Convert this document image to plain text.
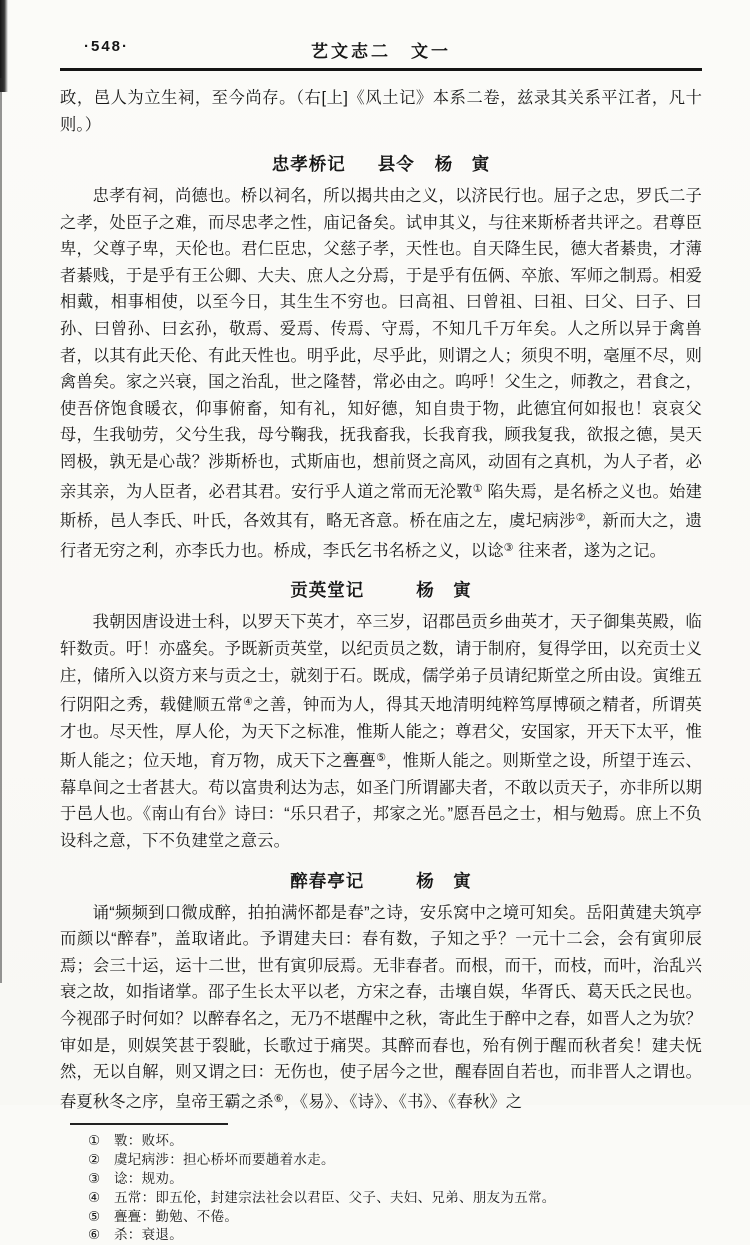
·548·	艺文志二　文一

政，邑人为立生祠，至今尚存。（右[上]《风土记》本系二卷，兹录其关系平江者，凡十则。）

忠孝桥记 县令 杨　寅

忠孝有祠，尚德也。桥以祠名，所以揭共由之义，以济民行也。屈子之忠，罗氏二子之孝，处臣子之难，而尽忠孝之性，庙记备矣。试申其义，与往来斯桥者共评之。君尊臣卑，父尊子卑，天伦也。君仁臣忠，父慈子孝，天性也。自天降生民，德大者綦贵，才薄者綦贱，于是乎有王公卿、大夫、庶人之分焉，于是乎有伍俩、卒旅、军师之制焉。相爱相戴，相事相使，以至今日，其生生不穷也。曰高祖、曰曾祖、曰祖、曰父、曰子、曰孙、曰曾孙、曰玄孙，敬焉、爱焉、传焉、守焉，不知几千万年矣。人之所以异于禽兽者，以其有此天伦、有此天性也。明乎此，尽乎此，则谓之人；须臾不明，毫厘不尽，则禽兽矣。家之兴衰，国之治乱，世之隆替，常必由之。呜呼！父生之，师教之，君食之，使吾侪饱食暖衣，仰事俯畜，知有礼，知好德，知自贵于物，此德宜何如报也！哀哀父母，生我劬劳，父兮生我，母兮鞠我，抚我畜我，长我育我，顾我复我，欲报之德，昊天罔极，孰无是心哉？涉斯桥也，式斯庙也，想前贤之高风，动固有之真机，为人子者，必亲其亲，为人臣者，必君其君。安行乎人道之常而无沦斁① 陷失焉，是名桥之义也。始建斯桥，邑人李氏、叶氏，各效其有，略无吝意。桥在庙之左，虞圮病涉②，新而大之，遗行者无穷之利，亦李氏力也。桥成，李氏乞书名桥之义，以谂③ 往来者，遂为之记。

贡英堂记	杨　寅

我朝因唐设进士科，以罗天下英才，卒三岁，诏郡邑贡乡曲英才，天子御集英殿，临轩数贡。吁！亦盛矣。予既新贡英堂，以纪贡员之数，请于制府，复得学田，以充贡士义庄，储所入以资方来与贡之士，就刻于石。既成，儒学弟子员请纪斯堂之所由设。寅维五行阴阳之秀，载健顺五常④之善，钟而为人，得其天地清明纯粹笃厚博硕之精者，所谓英才也。尽天性，厚人伦，为天下之标准，惟斯人能之；尊君父，安国家，开天下太平，惟斯人能之；位天地，育万物，成天下之亹亹⑤，惟斯人能之。则斯堂之设，所望于连云、幕阜间之士者甚大。苟以富贵利达为志，如圣门所谓鄙夫者，不敢以贡天子，亦非所以期于邑人也。《南山有台》诗曰：“乐只君子，邦家之光。”愿吾邑之士，相与勉焉。庶上不负设科之意，下不负建堂之意云。

醉春亭记	杨　寅

诵“频频到口微成醉，拍拍满怀都是春”之诗，安乐窝中之境可知矣。岳阳黄建夫筑亭而颜以“醉春”，盖取诸此。予谓建夫曰：春有数，子知之乎？一元十二会，会有寅卯辰焉；会三十运，运十二世，世有寅卯辰焉。无非春者。而根，而干，而枝，而叶，治乱兴衰之故，如指诸掌。邵子生长太平以老，方宋之春，击壤自娱，华胥氏、葛天氏之民也。今视邵子时何如？以醉春名之，无乃不堪醒中之秋，寄此生于醉中之春，如晋人之为欤？审如是，则娱笑甚于裂眦，长歌过于痛哭。其醉而春也，殆有例于醒而秋者矣！建夫怃然，无以自解，则又谓之曰：无伤也，使子居今之世，醒春固自若也，而非晋人之谓也。春夏秋冬之序，皇帝王霸之杀⑥，《易》、《诗》、《书》、《春秋》之

①	斁：败坏。
②	虞圮病涉：担心桥坏而要趟着水走。
③	谂：规劝。
④	五常：即五伦，封建宗法社会以君臣、父子、夫妇、兄弟、朋友为五常。
⑤	亹亹：勤勉、不倦。
⑥	杀：衰退。
